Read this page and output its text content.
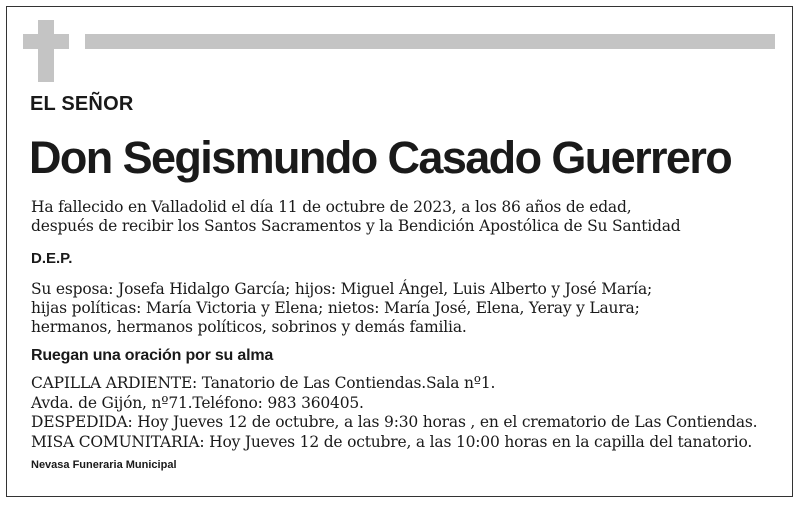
EL SEÑOR
Don Segismundo Casado Guerrero
Ha fallecido en Valladolid el día 11 de octubre de 2023, a los 86 años de edad,
después de recibir los Santos Sacramentos y la Bendición Apostólica de Su Santidad
D.E.P.
Su esposa: Josefa Hidalgo García; hijos: Miguel Ángel, Luis Alberto y José María;
hijas políticas: María Victoria y Elena; nietos: María José, Elena, Yeray y Laura;
hermanos, hermanos políticos, sobrinos y demás familia.
Ruegan una oración por su alma
CAPILLA ARDIENTE: Tanatorio de Las Contiendas.Sala nº1.
Avda. de Gijón, nº71.Teléfono: 983 360405.
DESPEDIDA: Hoy Jueves 12 de octubre, a las 9:30 horas , en el crematorio de Las Contiendas.
MISA COMUNITARIA: Hoy Jueves 12 de octubre, a las 10:00 horas en la capilla del tanatorio.
Nevasa Funeraria Municipal
